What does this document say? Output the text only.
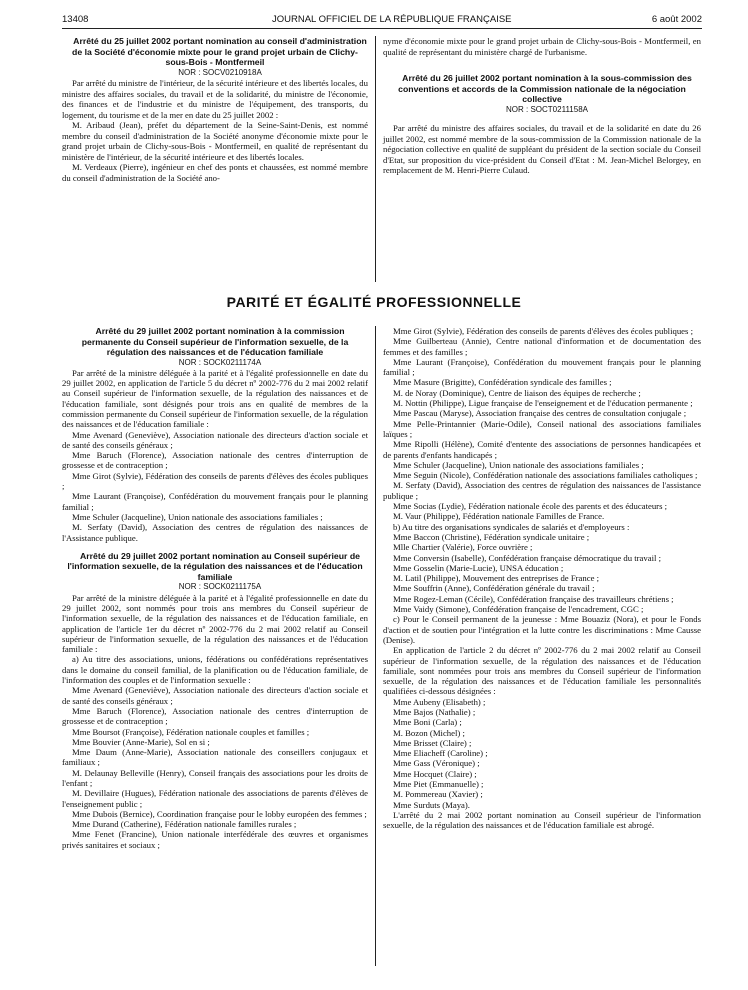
13408	JOURNAL OFFICIEL DE LA RÉPUBLIQUE FRANÇAISE	6 août 2002

Arrêté du 25 juillet 2002 portant nomination au conseil d'administration de la Société d'économie mixte pour le grand projet urbain de Clichy-sous-Bois - Montfermeil

NOR : SOCV0210918A

Par arrêté du ministre de l'intérieur, de la sécurité intérieure et des libertés locales, du ministre des affaires sociales, du travail et de la solidarité, du ministre de l'économie, des finances et de l'industrie et du ministre de l'équipement, des transports, du logement, du tourisme et de la mer en date du 25 juillet 2002 :

M. Aribaud (Jean), préfet du département de la Seine-Saint-Denis, est nommé membre du conseil d'administration de la Société anonyme d'économie mixte pour le grand projet urbain de Clichy-sous-Bois - Montfermeil, en qualité de représentant du ministère de l'intérieur, de la sécurité intérieure et des libertés locales.

M. Verdeaux (Pierre), ingénieur en chef des ponts et chaussées, est nommé membre du conseil d'administration de la Société ano-

nyme d'économie mixte pour le grand projet urbain de Clichy-sous-Bois - Montfermeil, en qualité de représentant du ministère chargé de l'urbanisme.

Arrêté du 26 juillet 2002 portant nomination à la sous-commission des conventions et accords de la Commission nationale de la négociation collective

NOR : SOCT0211158A

Par arrêté du ministre des affaires sociales, du travail et de la solidarité en date du 26 juillet 2002, est nommé membre de la sous-commission de la Commission nationale de la négociation collective en qualité de suppléant du président de la section sociale du Conseil d'Etat, sur proposition du vice-président du Conseil d'Etat : M. Jean-Michel Belorgey, en remplacement de M. Henri-Pierre Culaud.

PARITÉ ET ÉGALITÉ PROFESSIONNELLE

Arrêté du 29 juillet 2002 portant nomination à la commission permanente du Conseil supérieur de l'information sexuelle, de la régulation des naissances et de l'éducation familiale

NOR : SOCK0211174A

Par arrêté de la ministre déléguée à la parité et à l'égalité professionnelle en date du 29 juillet 2002, en application de l'article 5 du décret nº 2002-776 du 2 mai 2002 relatif au Conseil supérieur de l'information sexuelle, de la régulation des naissances et de l'éducation familiale, sont désignés pour trois ans en qualité de membres de la commission permanente du Conseil supérieur de l'information sexuelle, de la régulation des naissances et de l'éducation familiale :

Mme Avenard (Geneviève), Association nationale des directeurs d'action sociale et de santé des conseils généraux ;

Mme Baruch (Florence), Association nationale des centres d'interruption de grossesse et de contraception ;

Mme Girot (Sylvie), Fédération des conseils de parents d'élèves des écoles publiques ;

Mme Laurant (Françoise), Confédération du mouvement français pour le planning familial ;

Mme Schuler (Jacqueline), Union nationale des associations familiales ;

M. Serfaty (David), Association des centres de régulation des naissances de l'Assistance publique.

Arrêté du 29 juillet 2002 portant nomination au Conseil supérieur de l'information sexuelle, de la régulation des naissances et de l'éducation familiale

NOR : SOCK0211175A

Par arrêté de la ministre déléguée à la parité et à l'égalité professionnelle en date du 29 juillet 2002, sont nommés pour trois ans membres du Conseil supérieur de l'information sexuelle, de la régulation des naissances et de l'éducation familiale, en application de l'article 1er du décret nº 2002-776 du 2 mai 2002 relatif au Conseil supérieur de l'information sexuelle, de la régulation des naissances et de l'éducation familiale :

a) Au titre des associations, unions, fédérations ou confédérations représentatives dans le domaine du conseil familial, de la planification ou de l'éducation familiale, de l'information des couples et de l'information sexuelle :

Mme Avenard (Geneviève), Association nationale des directeurs d'action sociale et de santé des conseils généraux ;

Mme Baruch (Florence), Association nationale des centres d'interruption de grossesse et de contraception ;

Mme Boursot (Françoise), Fédération nationale couples et familles ;

Mme Bouvier (Anne-Marie), Sol en si ;

Mme Daum (Anne-Marie), Association nationale des conseillers conjugaux et familiaux ;

M. Delaunay Belleville (Henry), Conseil français des associations pour les droits de l'enfant ;

M. Devillaire (Hugues), Fédération nationale des associations de parents d'élèves de l'enseignement public ;

Mme Dubois (Bernice), Coordination française pour le lobby européen des femmes ;

Mme Durand (Catherine), Fédération nationale familles rurales ;

Mme Fenet (Francine), Union nationale interfédérale des œuvres et organismes privés sanitaires et sociaux ;

Mme Girot (Sylvie), Fédération des conseils de parents d'élèves des écoles publiques ;

Mme Guilberteau (Annie), Centre national d'information et de documentation des femmes et des familles ;

Mme Laurant (Françoise), Confédération du mouvement français pour le planning familial ;

Mme Masure (Brigitte), Confédération syndicale des familles ;

M. de Noray (Dominique), Centre de liaison des équipes de recherche ;

M. Nottin (Philippe), Ligue française de l'enseignement et de l'éducation permanente ;

Mme Pascau (Maryse), Association française des centres de consultation conjugale ;

Mme Pelle-Printannier (Marie-Odile), Conseil national des associations familiales laïques ;

Mme Ripolli (Hélène), Comité d'entente des associations de personnes handicapées et de parents d'enfants handicapés ;

Mme Schuler (Jacqueline), Union nationale des associations familiales ;

Mme Seguin (Nicole), Confédération nationale des associations familiales catholiques ;

M. Serfaty (David), Association des centres de régulation des naissances de l'assistance publique ;

Mme Socias (Lydie), Fédération nationale école des parents et des éducateurs ;

M. Vaur (Philippe), Fédération nationale Familles de France.

b) Au titre des organisations syndicales de salariés et d'employeurs :

Mme Baccon (Christine), Fédération syndicale unitaire ;

Mlle Chartier (Valérie), Force ouvrière ;

Mme Conversin (Isabelle), Confédération française démocratique du travail ;

Mme Gosselin (Marie-Lucie), UNSA éducation ;

M. Latil (Philippe), Mouvement des entreprises de France ;

Mme Souffrin (Anne), Confédération générale du travail ;

Mme Rogez-Leman (Cécile), Confédération française des travailleurs chrétiens ;

Mme Vaidy (Simone), Confédération française de l'encadrement, CGC ;

c) Pour le Conseil permanent de la jeunesse : Mme Bouaziz (Nora), et pour le Fonds d'action et de soutien pour l'intégration et la lutte contre les discriminations : Mme Causse (Denise).

En application de l'article 2 du décret nº 2002-776 du 2 mai 2002 relatif au Conseil supérieur de l'information sexuelle, de la régulation des naissances et de l'éducation familiale, sont nommées pour trois ans membres du Conseil supérieur de l'information sexuelle, de la régulation des naissances et de l'éducation familiale les personnalités qualifiées ci-dessous désignées :

Mme Aubeny (Elisabeth) ;

Mme Bajos (Nathalie) ;

Mme Boni (Carla) ;

M. Bozon (Michel) ;

Mme Brisset (Claire) ;

Mme Eliacheff (Caroline) ;

Mme Gass (Véronique) ;

Mme Hocquet (Claire) ;

Mme Piet (Emmanuelle) ;

M. Pommereau (Xavier) ;

Mme Surduts (Maya).

L'arrêté du 2 mai 2002 portant nomination au Conseil supérieur de l'information sexuelle, de la régulation des naissances et de l'éducation familiale est abrogé.
